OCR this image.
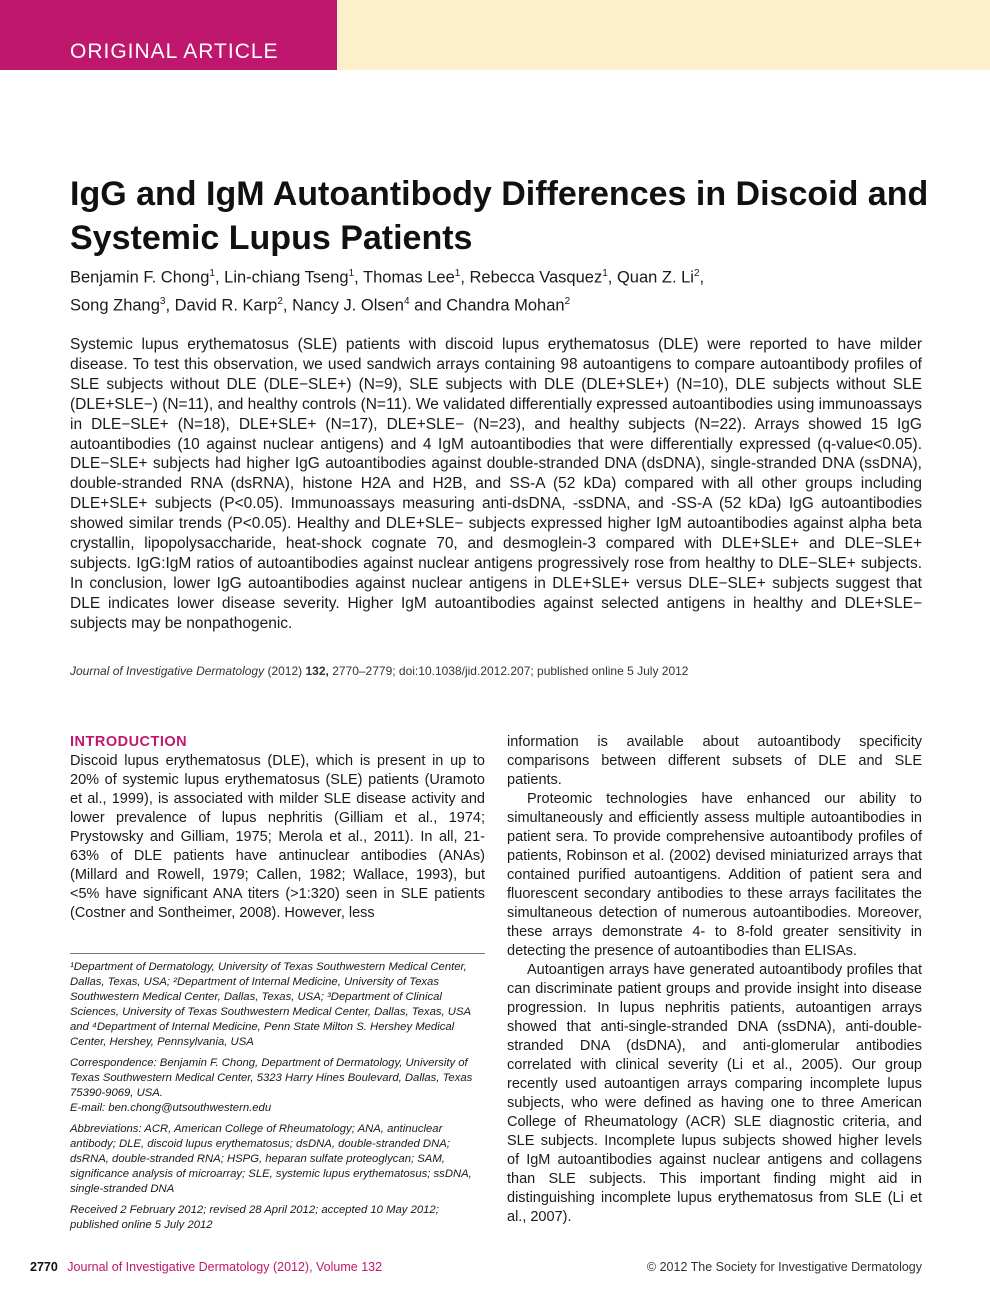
ORIGINAL ARTICLE
IgG and IgM Autoantibody Differences in Discoid and Systemic Lupus Patients
Benjamin F. Chong$^1$, Lin-chiang Tseng$^1$, Thomas Lee$^1$, Rebecca Vasquez$^1$, Quan Z. Li$^2$,
Song Zhang$^3$, David R. Karp$^2$, Nancy J. Olsen$^4$ and Chandra Mohan$^2$

Systemic lupus erythematosus (SLE) patients with discoid lupus erythematosus (DLE) were reported to have milder disease. To test this observation, we used sandwich arrays containing 98 autoantigens to compare autoantibody profiles of SLE subjects without DLE (DLE−SLE+) (N=9), SLE subjects with DLE (DLE+SLE+) (N=10), DLE subjects without SLE (DLE+SLE−) (N=11), and healthy controls (N=11). We validated differentially expressed autoantibodies using immunoassays in DLE−SLE+ (N=18), DLE+SLE+ (N=17), DLE+SLE− (N=23), and healthy subjects (N=22). Arrays showed 15 IgG autoantibodies (10 against nuclear antigens) and 4 IgM autoantibodies that were differentially expressed (q-value<0.05). DLE−SLE+ subjects had higher IgG autoantibodies against double-stranded DNA (dsDNA), single-stranded DNA (ssDNA), double-stranded RNA (dsRNA), histone H2A and H2B, and SS-A (52 kDa) compared with all other groups including DLE+SLE+ subjects (P<0.05). Immunoassays measuring anti-dsDNA, -ssDNA, and -SS-A (52 kDa) IgG autoantibodies showed similar trends (P<0.05). Healthy and DLE+SLE− subjects expressed higher IgM autoantibodies against alpha beta crystallin, lipopolysaccharide, heat-shock cognate 70, and desmoglein-3 compared with DLE+SLE+ and DLE−SLE+ subjects. IgG:IgM ratios of autoantibodies against nuclear antigens progressively rose from healthy to DLE−SLE+ subjects. In conclusion, lower IgG autoantibodies against nuclear antigens in DLE+SLE+ versus DLE−SLE+ subjects suggest that DLE indicates lower disease severity. Higher IgM autoantibodies against selected antigens in healthy and DLE+SLE− subjects may be nonpathogenic.

Journal of Investigative Dermatology (2012) 132, 2770–2779; doi:10.1038/jid.2012.207; published online 5 July 2012
INTRODUCTION

Discoid lupus erythematosus (DLE), which is present in up to 20% of systemic lupus erythematosus (SLE) patients (Uramoto et al., 1999), is associated with milder SLE disease activity and lower prevalence of lupus nephritis (Gilliam et al., 1974; Prystowsky and Gilliam, 1975; Merola et al., 2011). In all, 21-63% of DLE patients have antinuclear antibodies (ANAs) (Millard and Rowell, 1979; Callen, 1982; Wallace, 1993), but <5% have significant ANA titers (>1:320) seen in SLE patients (Costner and Sontheimer, 2008). However, less

¹Department of Dermatology, University of Texas Southwestern Medical Center, Dallas, Texas, USA; ²Department of Internal Medicine, University of Texas Southwestern Medical Center, Dallas, Texas, USA; ³Department of Clinical Sciences, University of Texas Southwestern Medical Center, Dallas, Texas, USA and ⁴Department of Internal Medicine, Penn State Milton S. Hershey Medical Center, Hershey, Pennsylvania, USA

Correspondence: Benjamin F. Chong, Department of Dermatology, University of Texas Southwestern Medical Center, 5323 Harry Hines Boulevard, Dallas, Texas 75390-9069, USA.
E-mail: ben.chong@utsouthwestern.edu

Abbreviations: ACR, American College of Rheumatology; ANA, antinuclear antibody; DLE, discoid lupus erythematosus; dsDNA, double-stranded DNA; dsRNA, double-stranded RNA; HSPG, heparan sulfate proteoglycan; SAM, significance analysis of microarray; SLE, systemic lupus erythematosus; ssDNA, single-stranded DNA

Received 2 February 2012; revised 28 April 2012; accepted 10 May 2012; published online 5 July 2012

information is available about autoantibody specificity comparisons between different subsets of DLE and SLE patients.

Proteomic technologies have enhanced our ability to simultaneously and efficiently assess multiple autoantibodies in patient sera. To provide comprehensive autoantibody profiles of patients, Robinson et al. (2002) devised miniaturized arrays that contained purified autoantigens. Addition of patient sera and fluorescent secondary antibodies to these arrays facilitates the simultaneous detection of numerous autoantibodies. Moreover, these arrays demonstrate 4- to 8-fold greater sensitivity in detecting the presence of autoantibodies than ELISAs.

Autoantigen arrays have generated autoantibody profiles that can discriminate patient groups and provide insight into disease progression. In lupus nephritis patients, autoantigen arrays showed that anti-single-stranded DNA (ssDNA), anti-double-stranded DNA (dsDNA), and anti-glomerular antibodies correlated with clinical severity (Li et al., 2005). Our group recently used autoantigen arrays comparing incomplete lupus subjects, who were defined as having one to three American College of Rheumatology (ACR) SLE diagnostic criteria, and SLE subjects. Incomplete lupus subjects showed higher levels of IgM autoantibodies against nuclear antigens and collagens than SLE subjects. This important finding might aid in distinguishing incomplete lupus erythematosus from SLE (Li et al., 2007).

2770 Journal of Investigative Dermatology (2012), Volume 132	© 2012 The Society for Investigative Dermatology
